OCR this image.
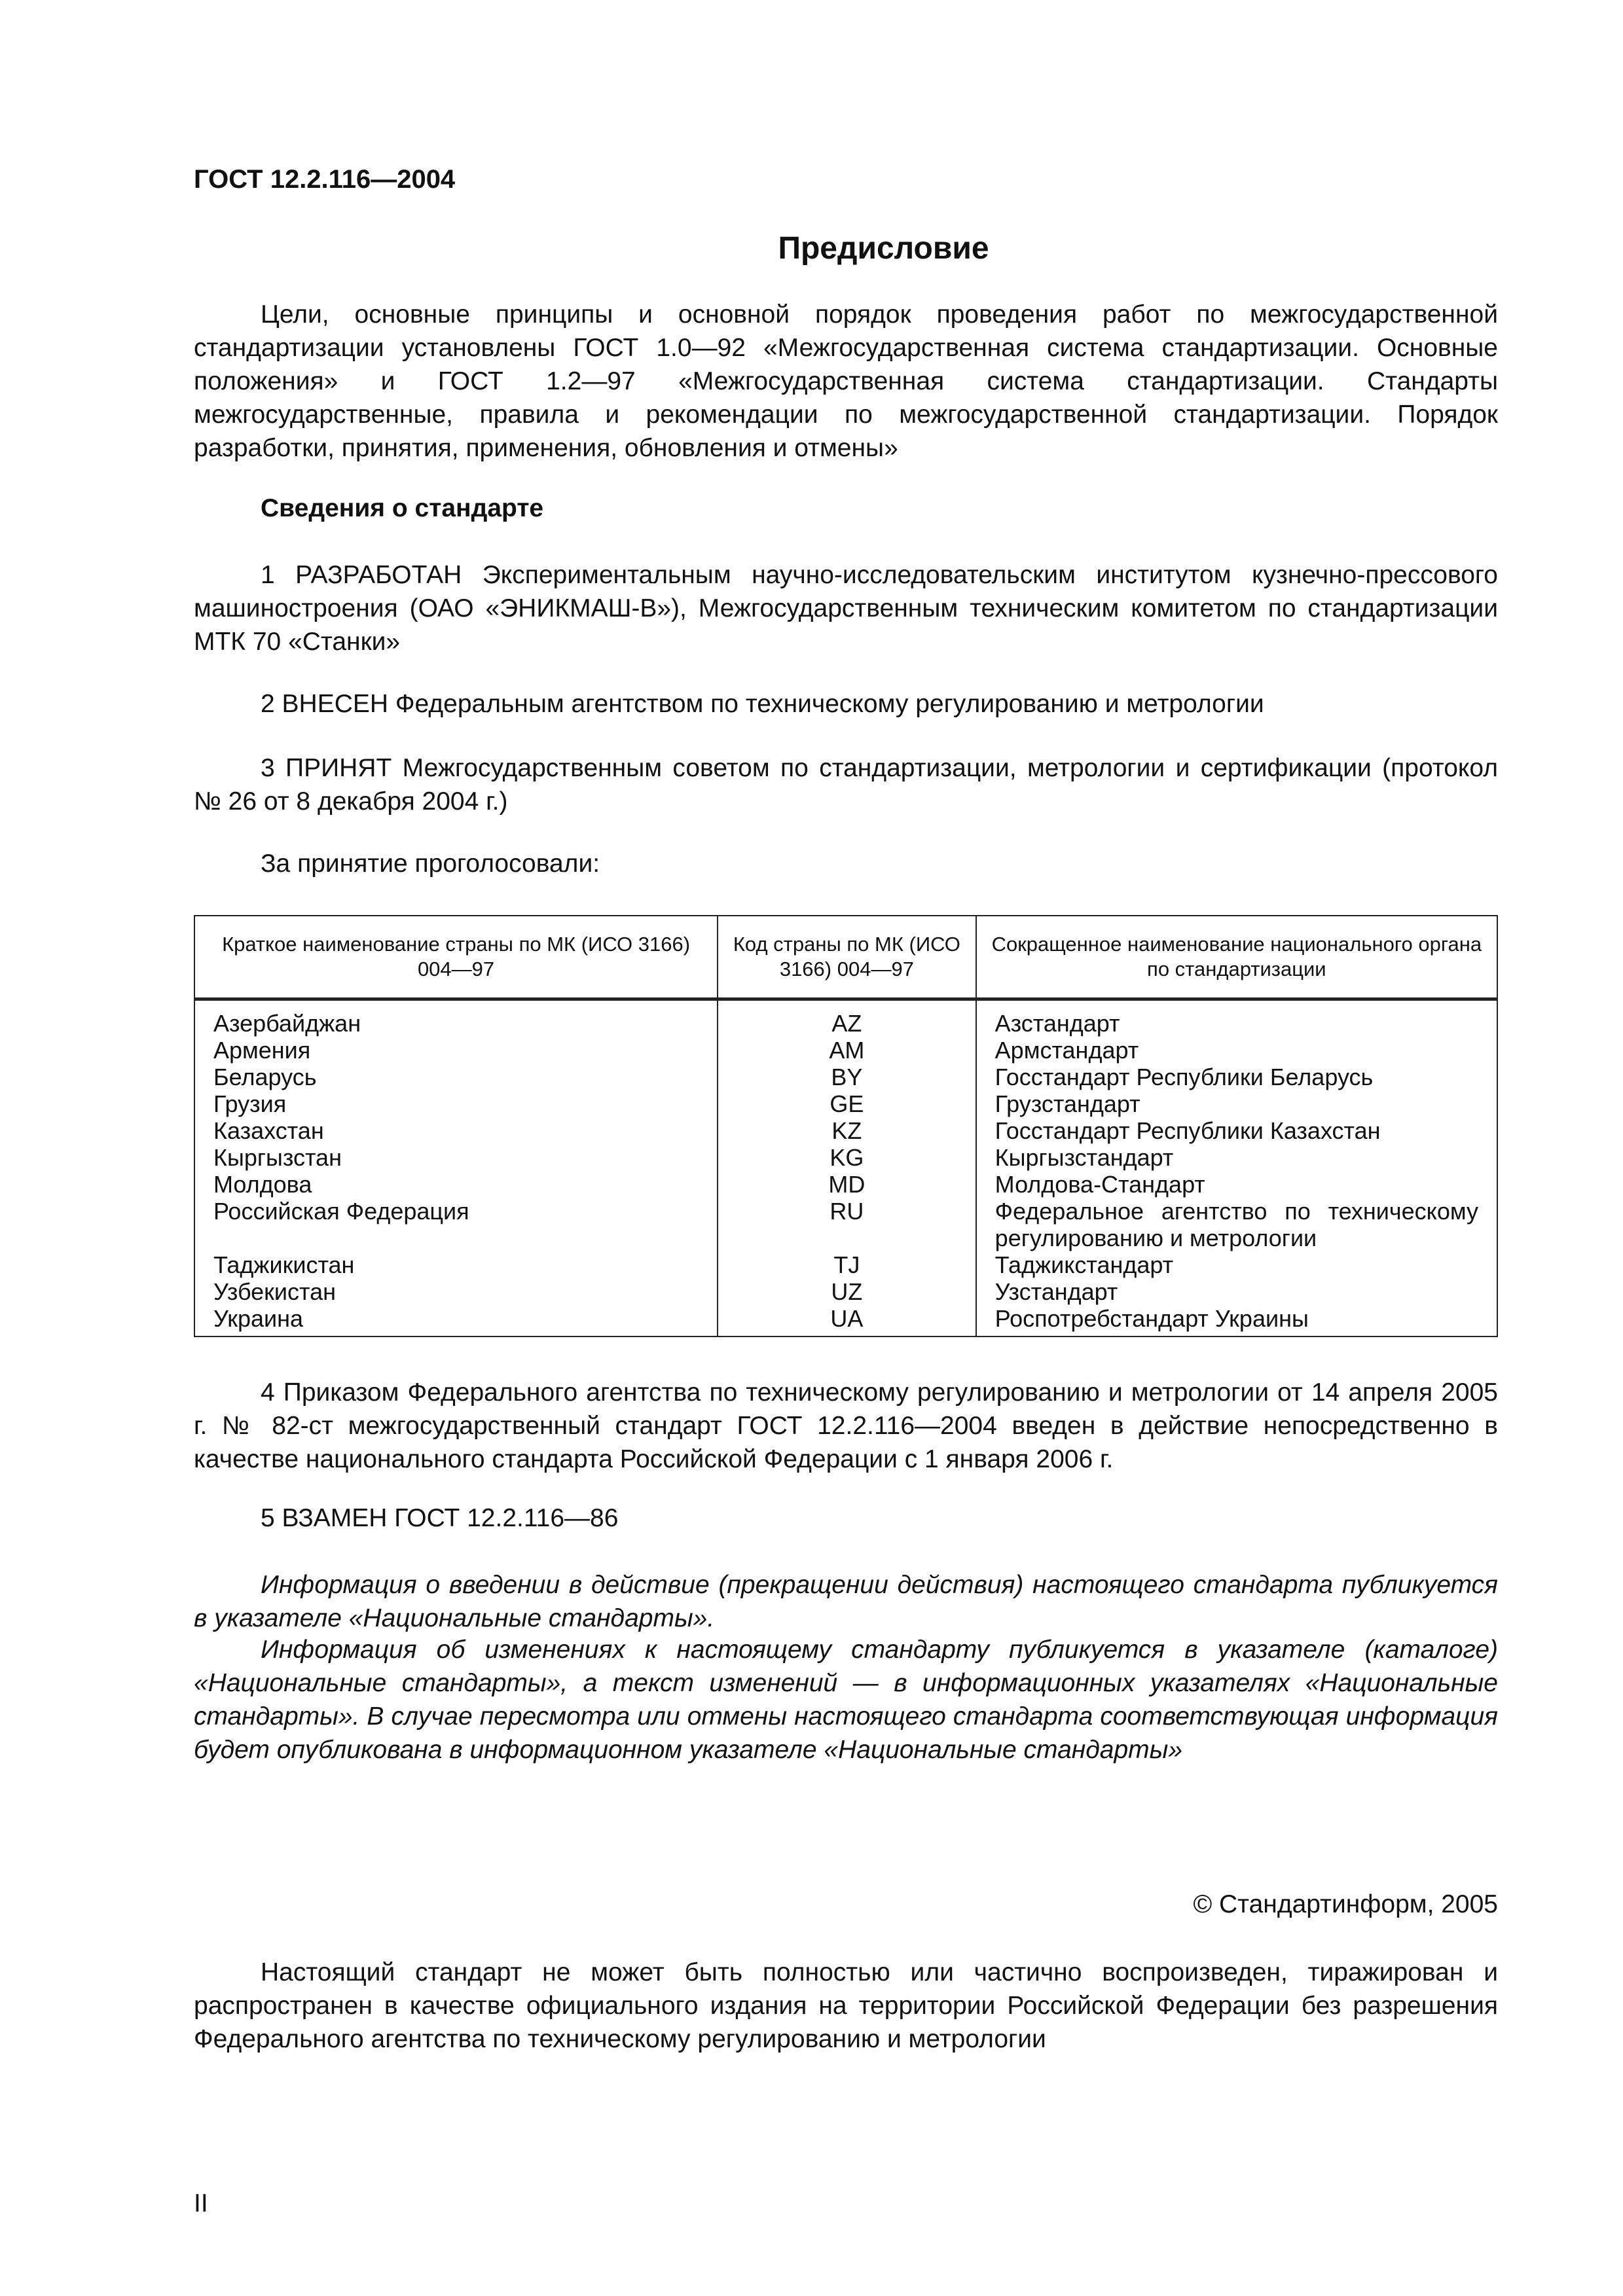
ГОСТ 12.2.116—2004
Предисловие

Цели, основные принципы и основной порядок проведения работ по межгосударственной стандартизации установлены ГОСТ 1.0—92 «Межгосударственная система стандартизации. Основные положения» и ГОСТ 1.2—97 «Межгосударственная система стандартизации. Стандарты межгосударственные, правила и рекомендации по межгосударственной стандартизации. Порядок разработки, принятия, применения, обновления и отмены»

Сведения о стандарте

1 РАЗРАБОТАН Экспериментальным научно-исследовательским институтом кузнечно-прессового машиностроения (ОАО «ЭНИКМАШ-В»), Межгосударственным техническим комитетом по стандартизации МТК 70 «Станки»

2 ВНЕСЕН Федеральным агентством по техническому регулированию и метрологии

3 ПРИНЯТ Межгосударственным советом по стандартизации, метрологии и сертификации (протокол № 26 от 8 декабря 2004 г.)

За принятие проголосовали:
Краткое наименование страны по МК (ИСО 3166) 004—97	Код страны по МК (ИСО 3166) 004—97	Сокращенное наименование национального органа по стандартизации
Азербайджан	AZ	Азстандарт
Армения	AM	Армстандарт
Беларусь	BY	Госстандарт Республики Беларусь
Грузия	GE	Грузстандарт
Казахстан	KZ	Госстандарт Республики Казахстан
Кыргызстан	KG	Кыргызстандарт
Молдова	MD	Молдова-Стандарт
Российская Федерация	RU	Федеральное агентство по техническому регулированию и метрологии
Таджикистан	TJ	Таджикстандарт
Узбекистан	UZ	Узстандарт
Украина	UA	Роспотребстандарт Украины

4 Приказом Федерального агентства по техническому регулированию и метрологии от 14 апреля 2005 г. № 82-ст межгосударственный стандарт ГОСТ 12.2.116—2004 введен в действие непосредственно в качестве национального стандарта Российской Федерации с 1 января 2006 г.

5 ВЗАМЕН ГОСТ 12.2.116—86

Информация о введении в действие (прекращении действия) настоящего стандарта публикуется в указателе «Национальные стандарты».

Информация об изменениях к настоящему стандарту публикуется в указателе (каталоге) «Национальные стандарты», а текст изменений — в информационных указателях «Национальные стандарты». В случае пересмотра или отмены настоящего стандарта соответствующая информация будет опубликована в информационном указателе «Национальные стандарты»

© Стандартинформ, 2005

Настоящий стандарт не может быть полностью или частично воспроизведен, тиражирован и распространен в качестве официального издания на территории Российской Федерации без разрешения Федерального агентства по техническому регулированию и метрологии

II
